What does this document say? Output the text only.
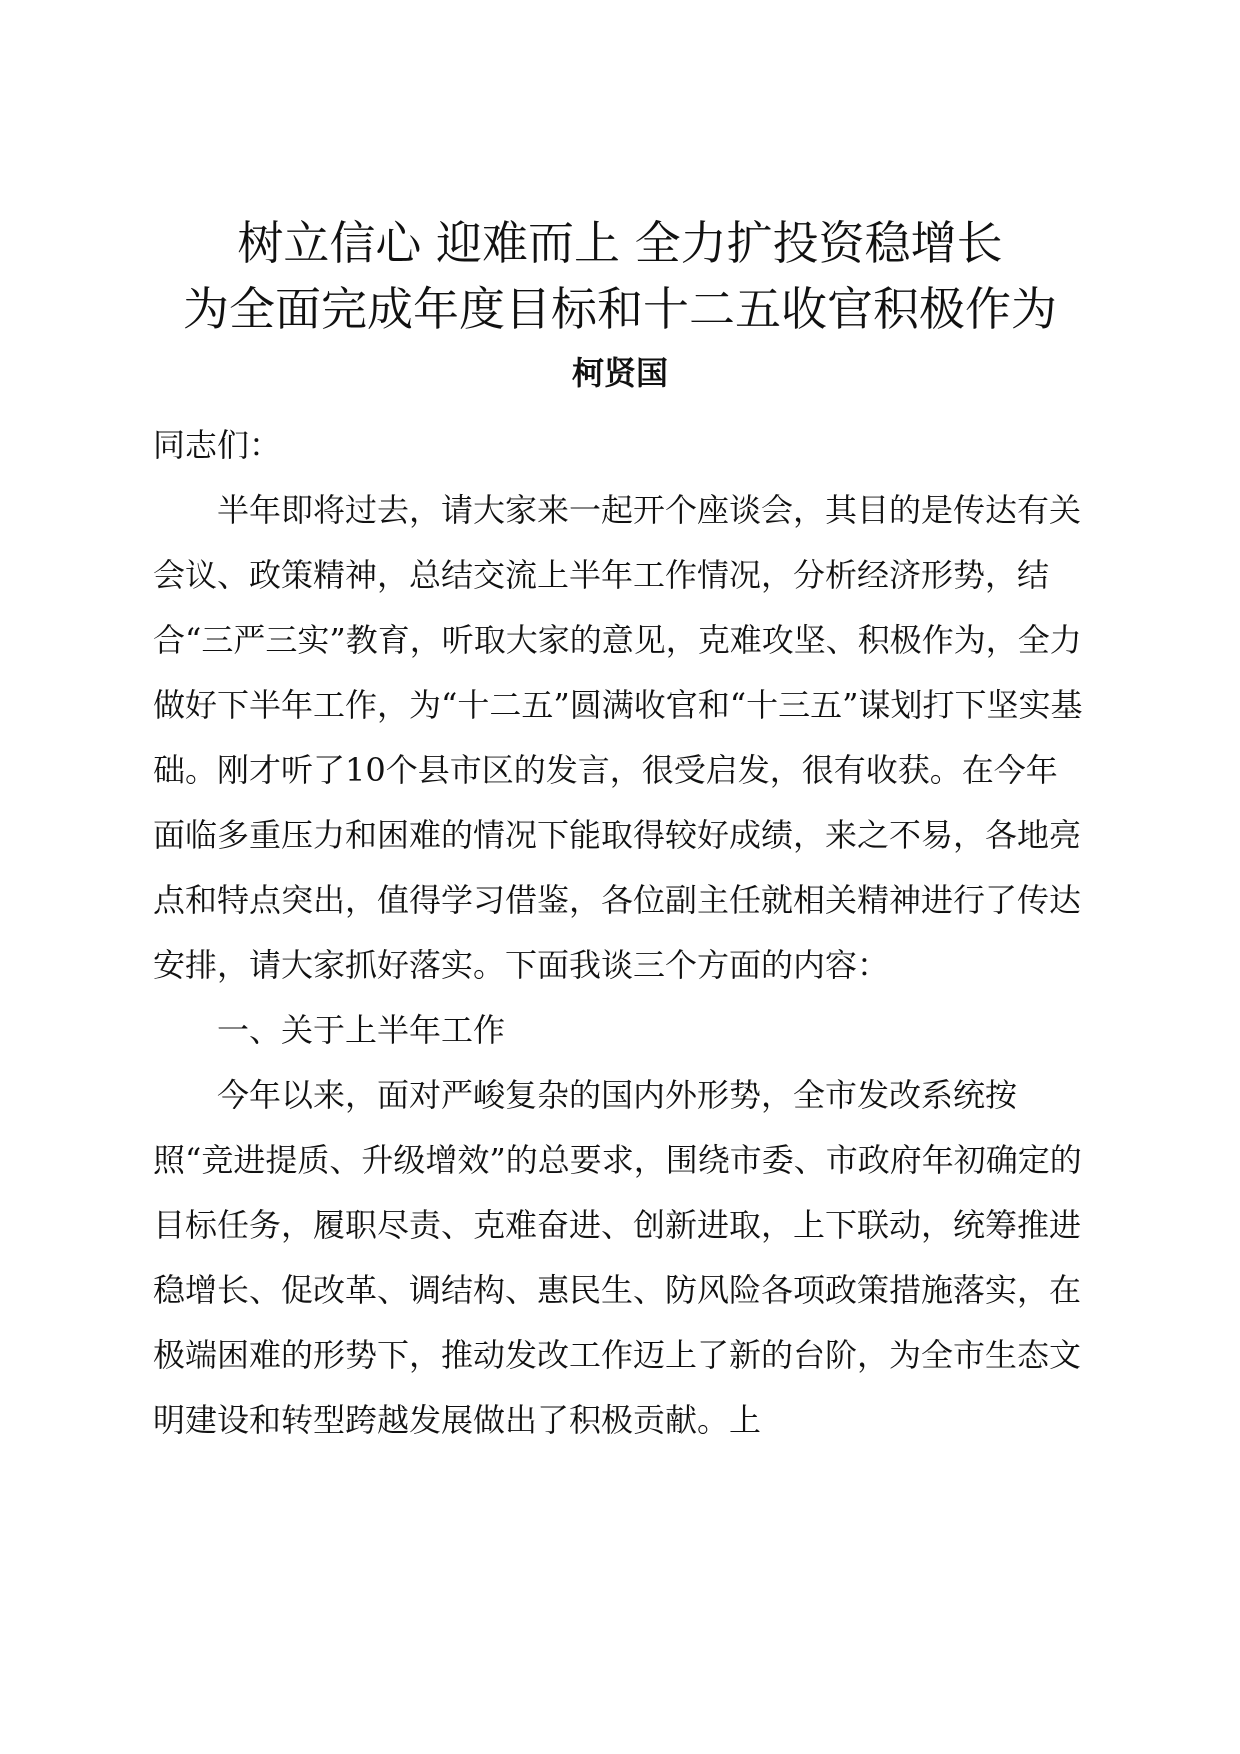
树立信心 迎难而上 全力扩投资稳增长
为全面完成年度目标和十二五收官积极作为
柯贤国

同志们：

半年即将过去，请大家来一起开个座谈会，其目的是传达有关会议、政策精神，总结交流上半年工作情况，分析经济形势，结合“三严三实”教育，听取大家的意见，克难攻坚、积极作为，全力做好下半年工作，为“十二五”圆满收官和“十三五”谋划打下坚实基础。刚才听了10个县市区的发言，很受启发，很有收获。在今年面临多重压力和困难的情况下能取得较好成绩，来之不易，各地亮点和特点突出，值得学习借鉴，各位副主任就相关精神进行了传达安排，请大家抓好落实。下面我谈三个方面的内容：

一、关于上半年工作

今年以来，面对严峻复杂的国内外形势，全市发改系统按照“竞进提质、升级增效”的总要求，围绕市委、市政府年初确定的目标任务，履职尽责、克难奋进、创新进取，上下联动，统筹推进稳增长、促改革、调结构、惠民生、防风险各项政策措施落实，在极端困难的形势下，推动发改工作迈上了新的台阶，为全市生态文明建设和转型跨越发展做出了积极贡献。上
